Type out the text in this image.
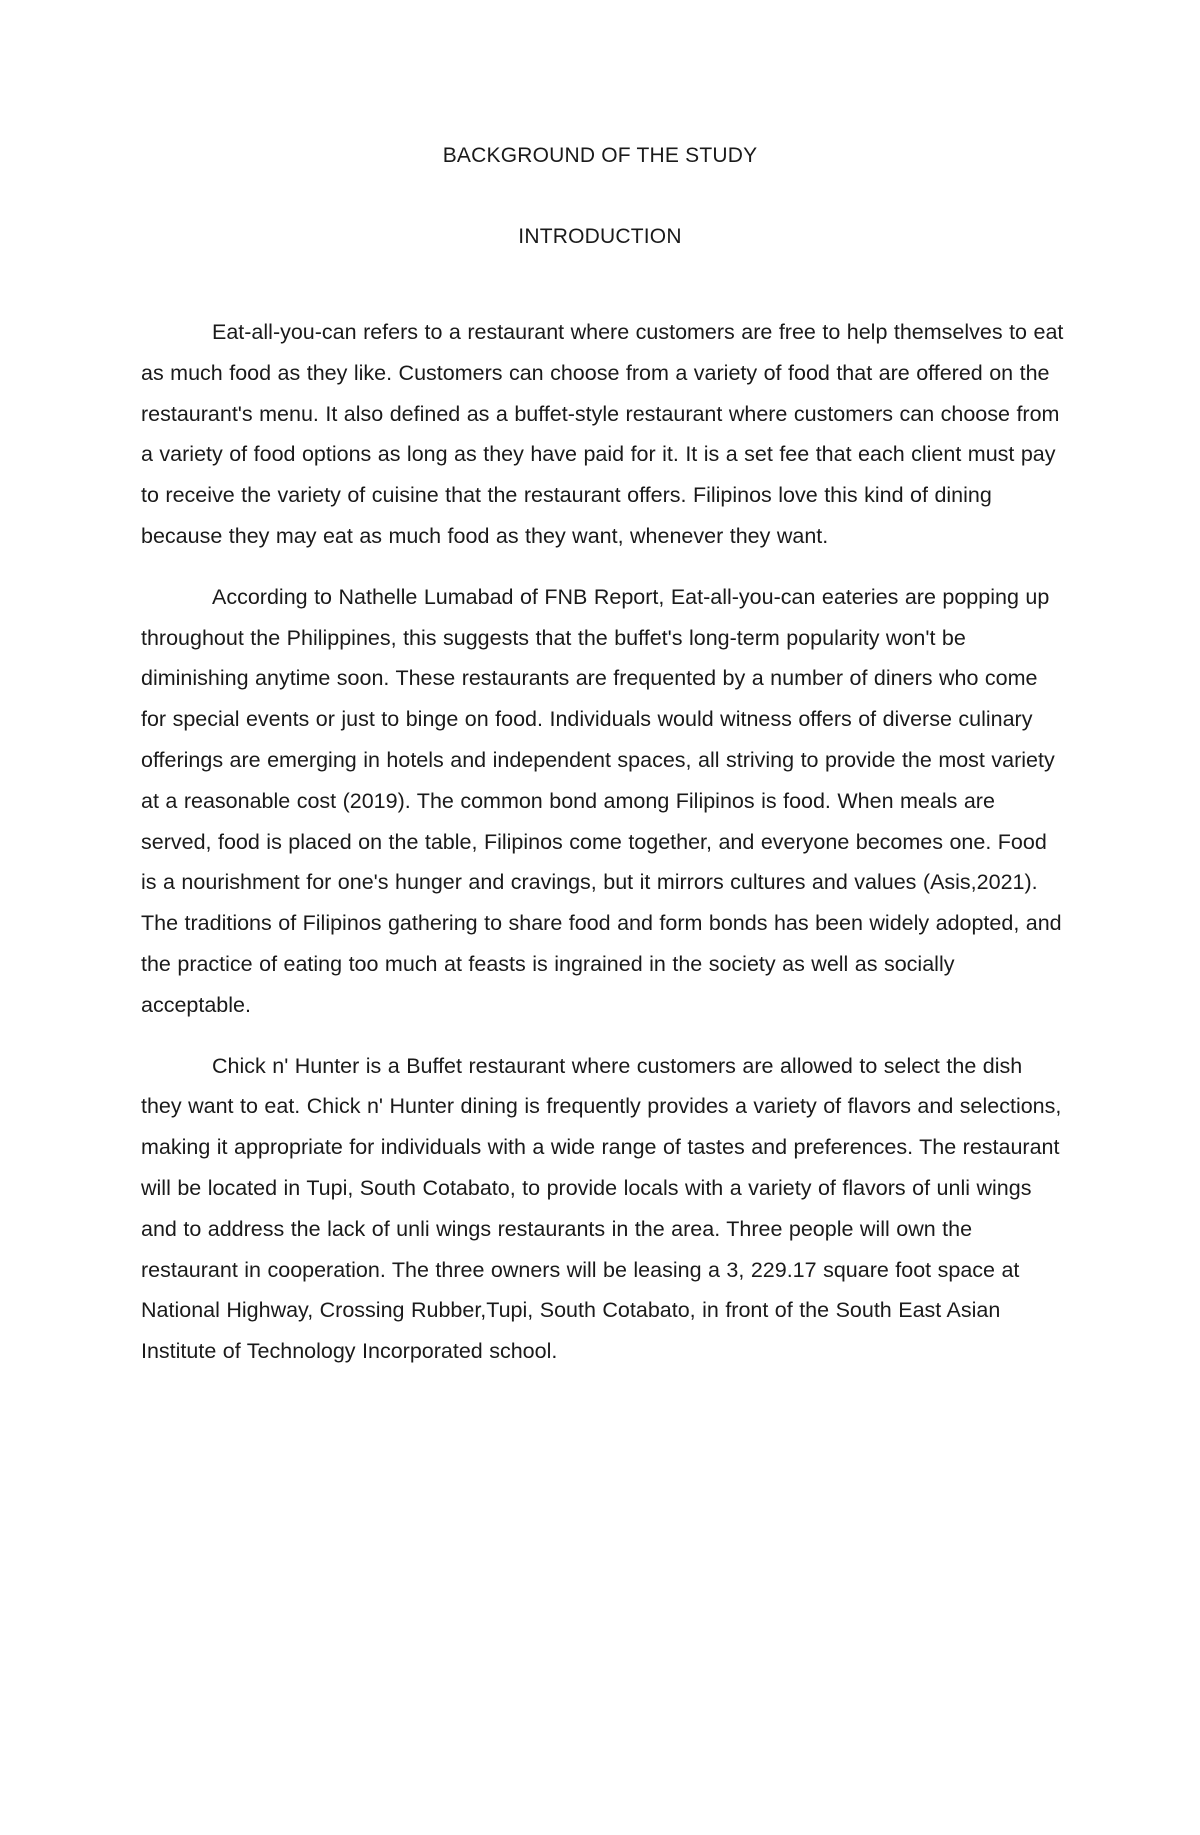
BACKGROUND OF THE STUDY
INTRODUCTION

Eat-all-you-can refers to a restaurant where customers are free to help themselves to eat as much food as they like. Customers can choose from a variety of food that are offered on the restaurant's menu. It also defined as a buffet-style restaurant where customers can choose from a variety of food options as long as they have paid for it. It is a set fee that each client must pay to receive the variety of cuisine that the restaurant offers. Filipinos love this kind of dining because they may eat as much food as they want, whenever they want.

According to Nathelle Lumabad of FNB Report, Eat-all-you-can eateries are popping up throughout the Philippines, this suggests that the buffet's long-term popularity won't be diminishing anytime soon. These restaurants are frequented by a number of diners who come for special events or just to binge on food. Individuals would witness offers of diverse culinary offerings are emerging in hotels and independent spaces, all striving to provide the most variety at a reasonable cost (2019). The common bond among Filipinos is food. When meals are served, food is placed on the table, Filipinos come together, and everyone becomes one. Food is a nourishment for one's hunger and cravings, but it mirrors cultures and values (Asis,2021). The traditions of Filipinos gathering to share food and form bonds has been widely adopted, and the practice of eating too much at feasts is ingrained in the society as well as socially acceptable.

Chick n' Hunter is a Buffet restaurant where customers are allowed to select the dish they want to eat. Chick n' Hunter dining is frequently provides a variety of flavors and selections, making it appropriate for individuals with a wide range of tastes and preferences. The restaurant will be located in Tupi, South Cotabato, to provide locals with a variety of flavors of unli wings and to address the lack of unli wings restaurants in the area. Three people will own the restaurant in cooperation. The three owners will be leasing a 3, 229.17 square foot space at National Highway, Crossing Rubber,Tupi, South Cotabato, in front of the South East Asian Institute of Technology Incorporated school.
